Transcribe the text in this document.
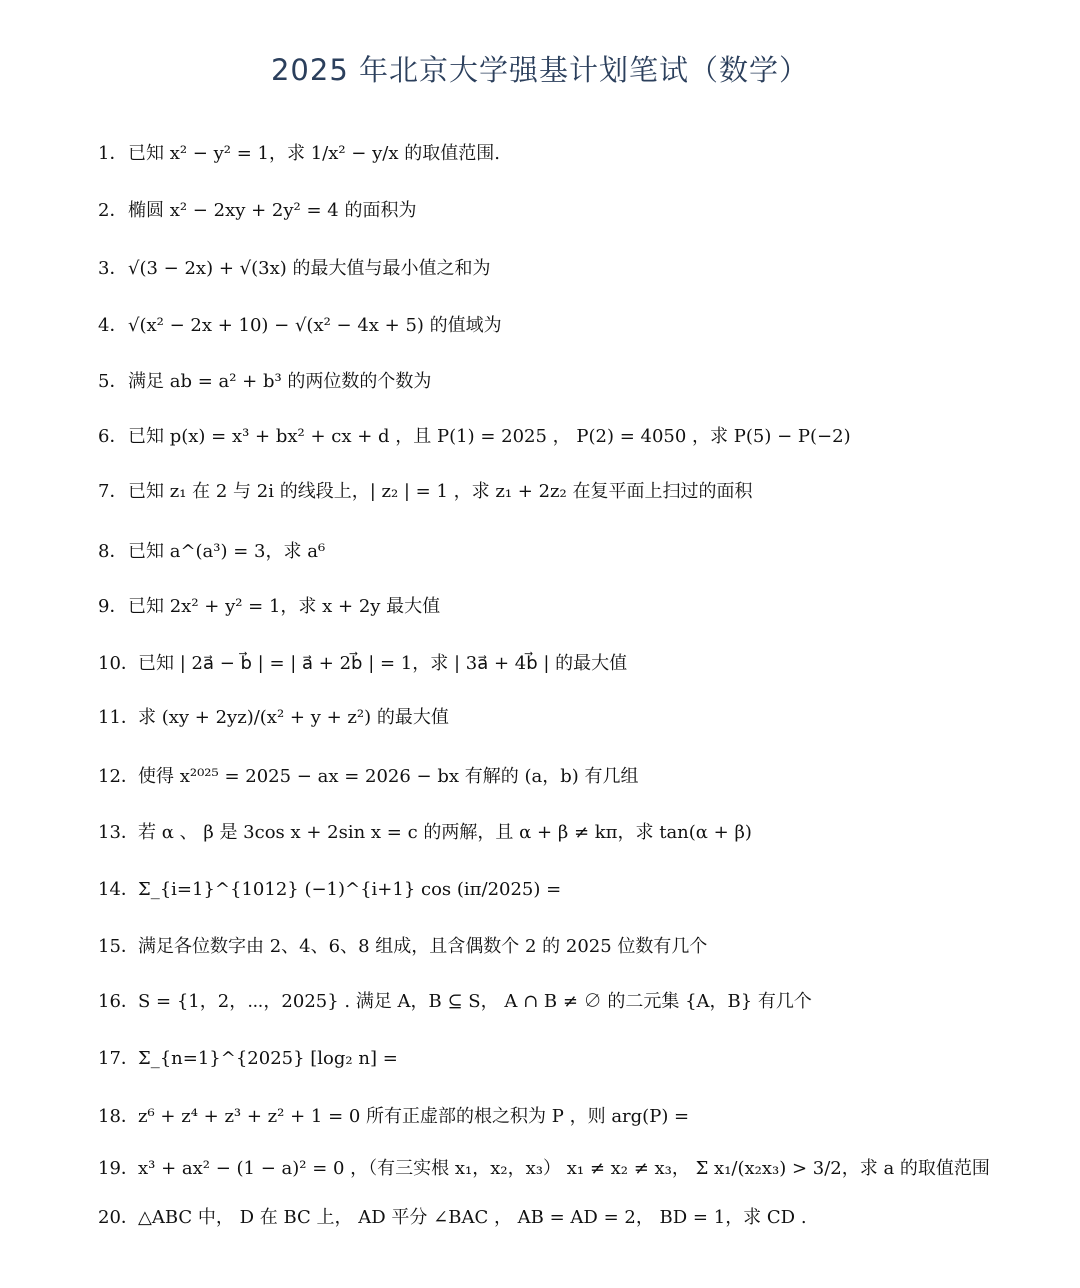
2025 年北京大学强基计划笔试（数学）
1． 已知 x² − y² = 1，求 1/x² − y/x 的取值范围.
2． 椭圆 x² − 2xy + 2y² = 4 的面积为
3． √(3 − 2x) + √(3x) 的最大值与最小值之和为
4． √(x² − 2x + 10) − √(x² − 4x + 5) 的值域为
5． 满足 ab = a² + b³ 的两位数的个数为
6． 已知 p(x) = x³ + bx² + cx + d ，且 P(1) = 2025 ， P(2) = 4050 ，求 P(5) − P(−2)
7． 已知 z₁ 在 2 与 2i 的线段上，| z₂ | = 1 ，求 z₁ + 2z₂ 在复平面上扫过的面积
8． 已知 a^(a³) = 3，求 a⁶
9． 已知 2x² + y² = 1，求 x + 2y 最大值
10． 已知 | 2a⃗ − b⃗ | = | a⃗ + 2b⃗ | = 1，求 | 3a⃗ + 4b⃗ | 的最大值
11． 求 (xy + 2yz)/(x² + y + z²) 的最大值
12． 使得 x²⁰²⁵ = 2025 − ax = 2026 − bx 有解的 (a，b) 有几组
13． 若 α 、 β 是 3cos x + 2sin x = c 的两解，且 α + β ≠ kπ，求 tan(α + β)
14． Σ_{i=1}^{1012} (−1)^{i+1} cos (iπ/2025) =
15． 满足各位数字由 2、4、6、8 组成，且含偶数个 2 的 2025 位数有几个
16． S = {1，2，⋯，2025} . 满足 A，B ⊆ S， A ∩ B ≠ ∅ 的二元集 {A，B} 有几个
17． Σ_{n=1}^{2025} [log₂ n] =
18． z⁶ + z⁴ + z³ + z² + 1 = 0 所有正虚部的根之积为 P ，则 arg(P) =
19． x³ + ax² − (1 − a)² = 0 ，（有三实根 x₁，x₂，x₃） x₁ ≠ x₂ ≠ x₃， Σ x₁/(x₂x₃) > 3/2，求 a 的取值范围
20． △ABC 中， D 在 BC 上， AD 平分 ∠BAC ， AB = AD = 2， BD = 1，求 CD .
